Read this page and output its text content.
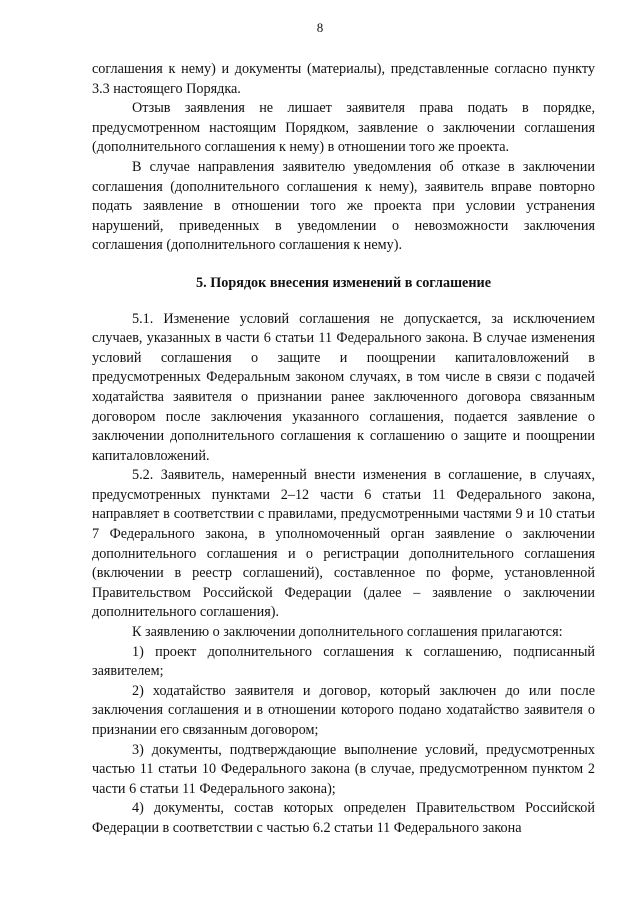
8

соглашения к нему) и документы (материалы), представленные согласно пункту 3.3 настоящего Порядка.

Отзыв заявления не лишает заявителя права подать в порядке, предусмотренном настоящим Порядком, заявление о заключении соглашения (дополнительного соглашения к нему) в отношении того же проекта.

В случае направления заявителю уведомления об отказе в заключении соглашения (дополнительного соглашения к нему), заявитель вправе повторно подать заявление в отношении того же проекта при условии устранения нарушений, приведенных в уведомлении о невозможности заключения соглашения (дополнительного соглашения к нему).

5. Порядок внесения изменений в соглашение

5.1. Изменение условий соглашения не допускается, за исключением случаев, указанных в части 6 статьи 11 Федерального закона. В случае изменения условий соглашения о защите и поощрении капиталовложений в предусмотренных Федеральным законом случаях, в том числе в связи с подачей ходатайства заявителя о признании ранее заключенного договора связанным договором после заключения указанного соглашения, подается заявление о заключении дополнительного соглашения к соглашению о защите и поощрении капиталовложений.

5.2. Заявитель, намеренный внести изменения в соглашение, в случаях, предусмотренных пунктами 2–12 части 6 статьи 11 Федерального закона, направляет в соответствии с правилами, предусмотренными частями 9 и 10 статьи 7 Федерального закона, в уполномоченный орган заявление о заключении дополнительного соглашения и о регистрации дополнительного соглашения (включении в реестр соглашений), составленное по форме, установленной Правительством Российской Федерации (далее – заявление о заключении дополнительного соглашения).

К заявлению о заключении дополнительного соглашения прилагаются:

1) проект дополнительного соглашения к соглашению, подписанный заявителем;

2) ходатайство заявителя и договор, который заключен до или после заключения соглашения и в отношении которого подано ходатайство заявителя о признании его связанным договором;

3) документы, подтверждающие выполнение условий, предусмотренных частью 11 статьи 10 Федерального закона (в случае, предусмотренном пунктом 2 части 6 статьи 11 Федерального закона);

4) документы, состав которых определен Правительством Российской Федерации в соответствии с частью 6.2 статьи 11 Федерального закона
